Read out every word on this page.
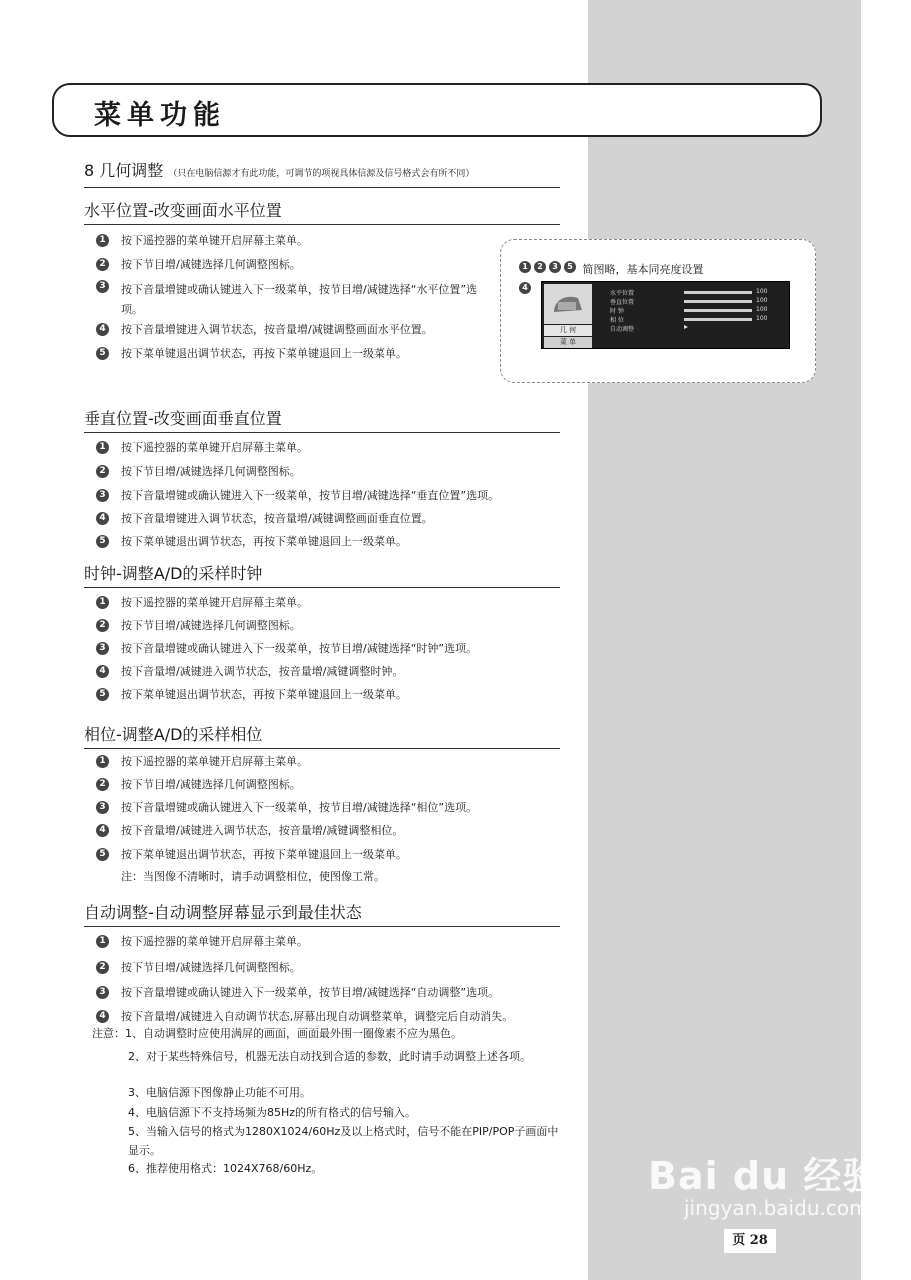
菜单功能
8 几何调整 （只在电脑信源才有此功能，可调节的项视具体信源及信号格式会有所不同）
水平位置-改变画面水平位置
1 按下遥控器的菜单键开启屏幕主菜单。
2 按下节目增/减键选择几何调整图标。
3 按下音量增键或确认键进入下一级菜单，按节目增/减键选择“水平位置”选项。
4 按下音量增键进入调节状态，按音量增/减键调整画面水平位置。
5 按下菜单键退出调节状态，再按下菜单键退回上一级菜单。
1 2 3 5 简图略，基本同亮度设置
4
几 何
菜 单
水平位置
垂直位置
时 钟
相 位
自动调整
100
100
100
100
垂直位置-改变画面垂直位置
1 按下遥控器的菜单键开启屏幕主菜单。
2 按下节目增/减键选择几何调整图标。
3 按下音量增键或确认键进入下一级菜单，按节目增/减键选择“垂直位置”选项。
4 按下音量增键进入调节状态，按音量增/减键调整画面垂直位置。
5 按下菜单键退出调节状态，再按下菜单键退回上一级菜单。
时钟-调整A/D的采样时钟
1 按下遥控器的菜单键开启屏幕主菜单。
2 按下节目增/减键选择几何调整图标。
3 按下音量增键或确认键进入下一级菜单，按节目增/减键选择“时钟”选项。
4 按下音量增/减键进入调节状态，按音量增/减键调整时钟。
5 按下菜单键退出调节状态，再按下菜单键退回上一级菜单。
相位-调整A/D的采样相位
1 按下遥控器的菜单键开启屏幕主菜单。
2 按下节目增/减键选择几何调整图标。
3 按下音量增键或确认键进入下一级菜单，按节目增/减键选择“相位”选项。
4 按下音量增/减键进入调节状态，按音量增/减键调整相位。
5 按下菜单键退出调节状态，再按下菜单键退回上一级菜单。
注：当图像不清晰时，请手动调整相位，使图像工常。
自动调整-自动调整屏幕显示到最佳状态
1 按下遥控器的菜单键开启屏幕主菜单。
2 按下节目增/减键选择几何调整图标。
3 按下音量增键或确认键进入下一级菜单，按节目增/减键选择“自动调整”选项。
4 按下音量增/减键进入自动调节状态,屏幕出现自动调整菜单，调整完后自动消失。
注意：1、自动调整时应使用满屏的画面，画面最外围一圈像素不应为黑色。
2、对于某些特殊信号，机器无法自动找到合适的参数，此时请手动调整上述各项。
3、电脑信源下图像静止功能不可用。
4、电脑信源下不支持场频为85Hz的所有格式的信号输入。
5、当输入信号的格式为1280X1024/60Hz及以上格式时，信号不能在PIP/POP子画面中显示。
6、推荐使用格式：1024X768/60Hz。	Bai du 经验
jingyan.baidu.com
页 28
